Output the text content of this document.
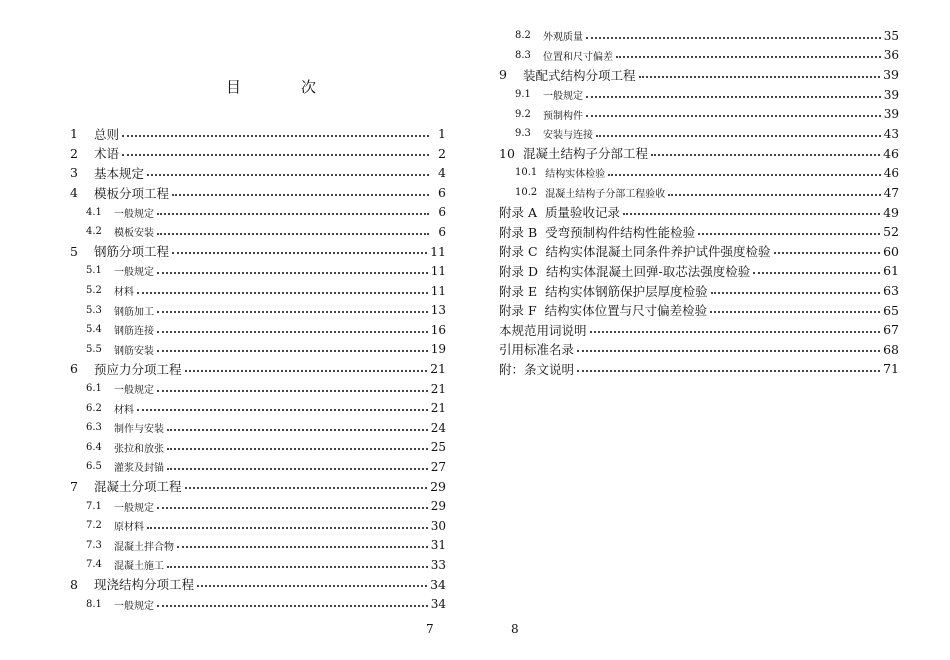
目	次
1	总则	1
2	术语	2
3	基本规定	4
4	模板分项工程	6
4.1	一般规定	6
4.2	模板安装	6
5	钢筋分项工程	11
5.1	一般规定	11
5.2	材料	11
5.3	钢筋加工	13
5.4	钢筋连接	16
5.5	钢筋安装	19
6	预应力分项工程	21
6.1	一般规定	21
6.2	材料	21
6.3	制作与安装	24
6.4	张拉和放张	25
6.5	灌浆及封锚	27
7	混凝土分项工程	29
7.1	一般规定	29
7.2	原材料	30
7.3	混凝土拌合物	31
7.4	混凝土施工	33
8	现浇结构分项工程	34
8.1	一般规定	34
7
8.2	外观质量	35
8.3	位置和尺寸偏差	36
9	装配式结构分项工程	39
9.1	一般规定	39
9.2	预制构件	39
9.3	安装与连接	43
10 混凝土结构子分部工程	46
10.1 结构实体检验	46
10.2 混凝土结构子分部工程验收	47
附录 A 质量验收记录	49
附录 B 受弯预制构件结构性能检验	52
附录 C 结构实体混凝土同条件养护试件强度检验	60
附录 D 结构实体混凝土回弹-取芯法强度检验	61
附录 E 结构实体钢筋保护层厚度检验	63
附录 F 结构实体位置与尺寸偏差检验	65
本规范用词说明	67
引用标准名录	68
附：条文说明	71
8
